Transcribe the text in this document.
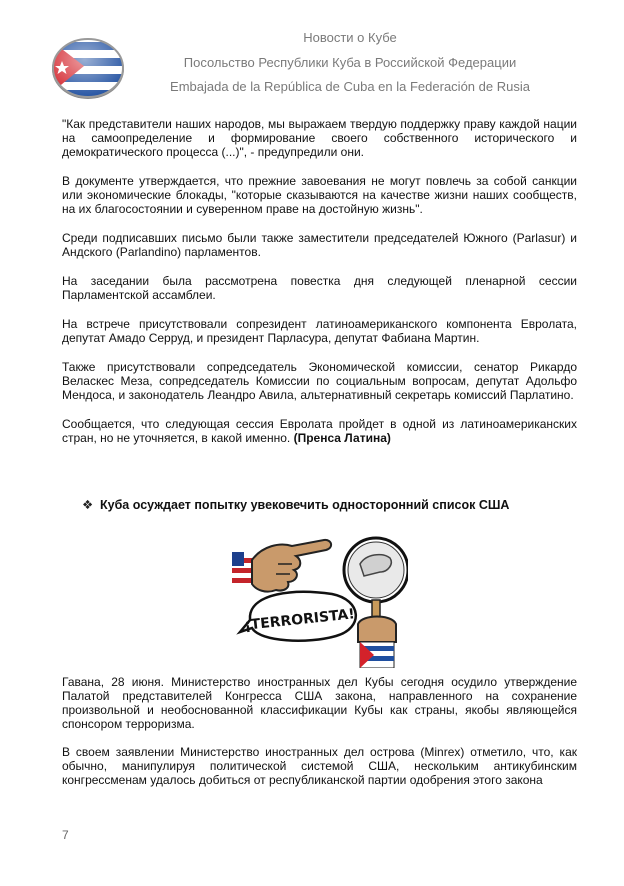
Новости о Кубе
Посольство Республики Куба в Российской Федерации
Embajada de la República de Cuba en la Federación de Rusia

"Как представители наших народов, мы выражаем твердую поддержку праву каждой нации на самоопределение и формирование своего собственного исторического и демократического процесса (...)", - предупредили они.

В документе утверждается, что прежние завоевания не могут повлечь за собой санкции или экономические блокады, "которые сказываются на качестве жизни наших сообществ, на их благосостоянии и суверенном праве на достойную жизнь".

Среди подписавших письмо были также заместители председателей Южного (Parlasur) и Андского (Parlandino) парламентов.

На заседании была рассмотрена повестка дня следующей пленарной сессии Парламентской ассамблеи.

На встрече присутствовали сопрезидент латиноамериканского компонента Евролата, депутат Амадо Серруд, и президент Парласура, депутат Фабиана Мартин.

Также присутствовали сопредседатель Экономической комиссии, сенатор Рикардо Веласкес Меза, сопредседатель Комиссии по социальным вопросам, депутат Адольфо Мендоса, и законодатель Леандро Авила, альтернативный секретарь комиссий Парлатино.

Сообщается, что следующая сессия Евролата пройдет в одной из латиноамериканских стран, но не уточняется, в какой именно. (Пренса Латина)

❖ Куба осуждает попытку увековечить односторонний список США
¡TERRORISTA!

Гавана, 28 июня. Министерство иностранных дел Кубы сегодня осудило утверждение Палатой представителей Конгресса США закона, направленного на сохранение произвольной и необоснованной классификации Кубы как страны, якобы являющейся спонсором терроризма.

В своем заявлении Министерство иностранных дел острова (Minrex) отметило, что, как обычно, манипулируя политической системой США, нескольким антикубинским конгрессменам удалось добиться от республиканской партии одобрения этого закона

7
